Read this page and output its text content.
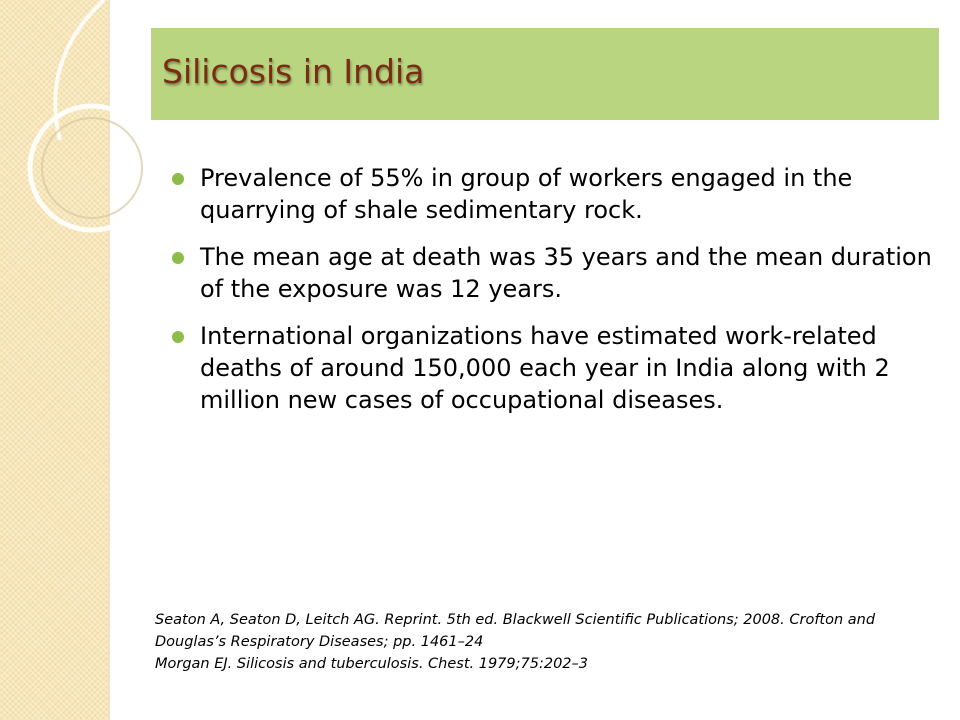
Silicosis in India
Prevalence of 55% in group of workers engaged in the quarrying of shale sedimentary rock.
The mean age at death was 35 years and the mean duration of the exposure was 12 years.
International organizations have estimated work-related deaths of around 150,000 each year in India along with 2 million new cases of occupational diseases.
Seaton A, Seaton D, Leitch AG. Reprint. 5th ed. Blackwell Scientific Publications; 2008. Crofton and Douglas’s Respiratory Diseases; pp. 1461–24
Morgan EJ. Silicosis and tuberculosis. Chest. 1979;75:202–3
